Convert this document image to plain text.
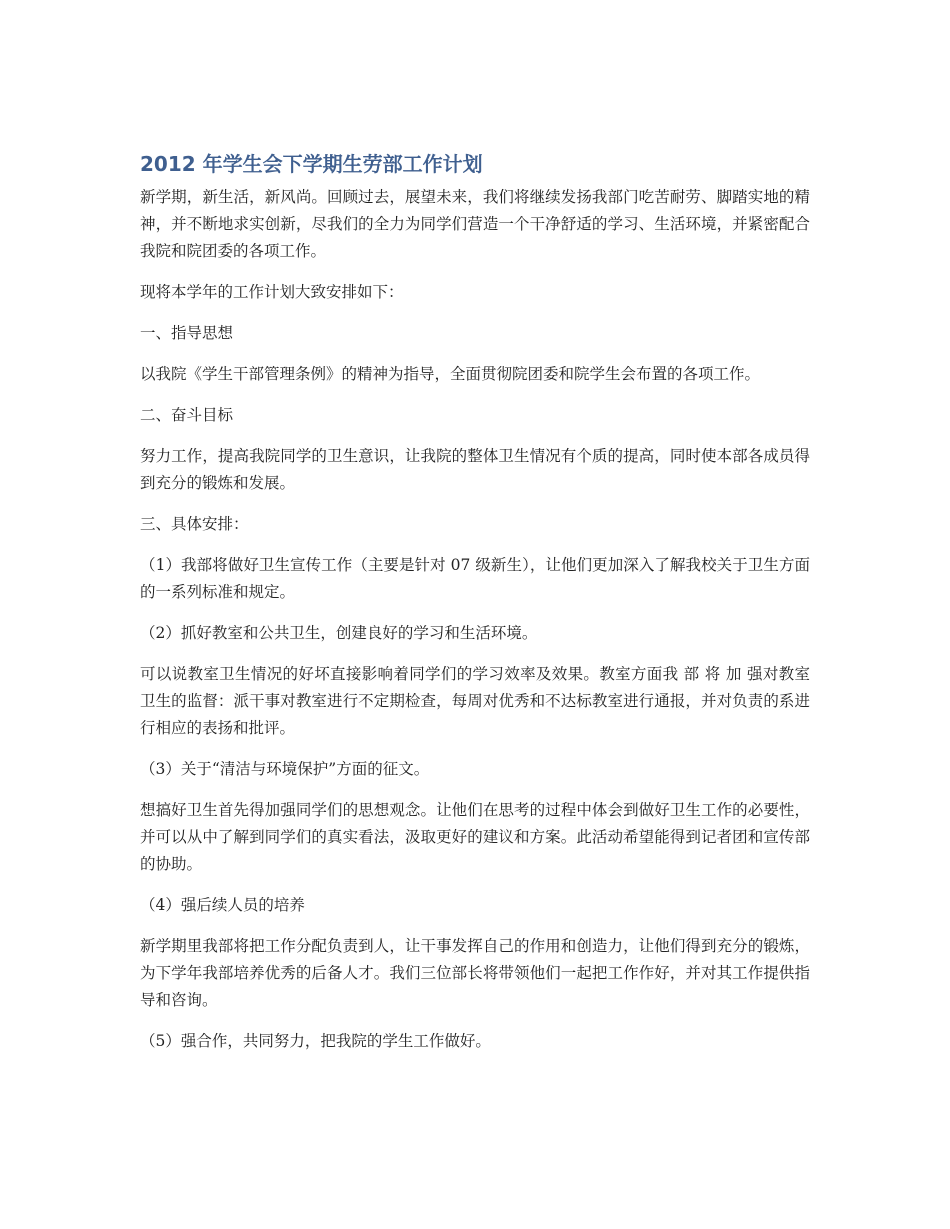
2012 年学生会下学期生劳部工作计划

新学期，新生活，新风尚。回顾过去，展望未来，我们将继续发扬我部门吃苦耐劳、脚踏实地的精神，并不断地求实创新，尽我们的全力为同学们营造一个干净舒适的学习、生活环境，并紧密配合我院和院团委的各项工作。

现将本学年的工作计划大致安排如下：

一、指导思想

以我院《学生干部管理条例》的精神为指导，全面贯彻院团委和院学生会布置的各项工作。

二、奋斗目标

努力工作，提高我院同学的卫生意识，让我院的整体卫生情况有个质的提高，同时使本部各成员得到充分的锻炼和发展。

三、具体安排：

（1）我部将做好卫生宣传工作（主要是针对 07 级新生），让他们更加深入了解我校关于卫生方面的一系列标准和规定。

（2）抓好教室和公共卫生，创建良好的学习和生活环境。

可以说教室卫生情况的好坏直接影响着同学们的学习效率及效果。教室方面我 部 将 加 强对教室卫生的监督：派干事对教室进行不定期检查，每周对优秀和不达标教室进行通报，并对负责的系进行相应的表扬和批评。

（3）关于“清洁与环境保护”方面的征文。

想搞好卫生首先得加强同学们的思想观念。让他们在思考的过程中体会到做好卫生工作的必要性，并可以从中了解到同学们的真实看法，汲取更好的建议和方案。此活动希望能得到记者团和宣传部的协助。

（4）强后续人员的培养

新学期里我部将把工作分配负责到人，让干事发挥自己的作用和创造力，让他们得到充分的锻炼，为下学年我部培养优秀的后备人才。我们三位部长将带领他们一起把工作作好，并对其工作提供指导和咨询。

（5）强合作，共同努力，把我院的学生工作做好。
